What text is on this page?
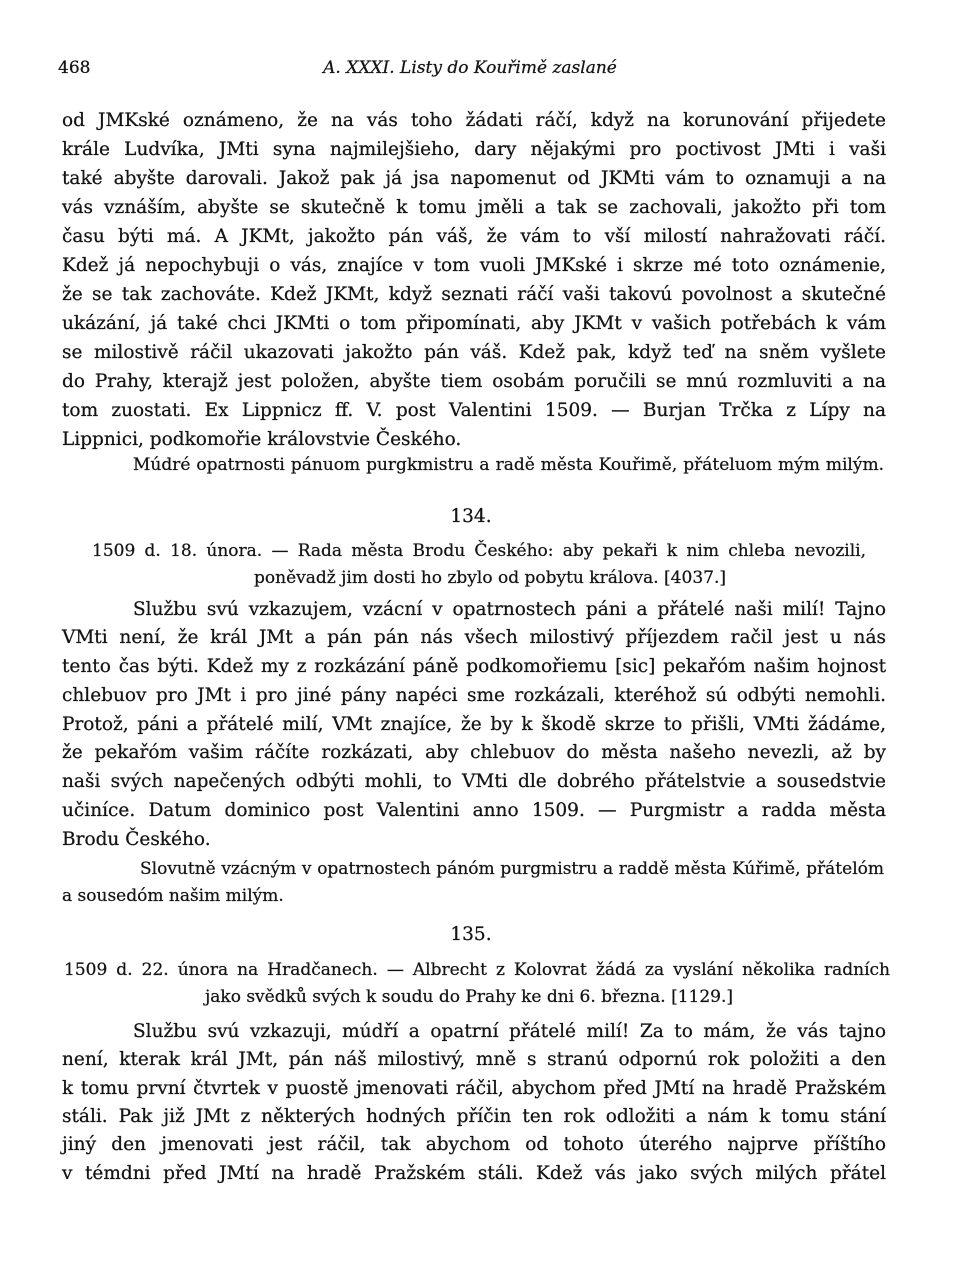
468	A. XXXI. Listy do Kouřimě zaslané
od JMKské oznámeno, že na vás toho žádati ráčí, když na korunování přijedete
krále Ludvíka, JMti syna najmilejšieho, dary nějakými pro poctivost JMti i vaši
také abyšte darovali. Jakož pak já jsa napomenut od JKMti vám to oznamuji a na
vás vznáším, abyšte se skutečně k tomu jměli a tak se zachovali, jakožto při tom
času býti má. A JKMt, jakožto pán váš, že vám to vší milostí nahražovati ráčí.
Kdež já nepochybuji o vás, znajíce v tom vuoli JMKské i skrze mé toto oznámenie,
že se tak zachováte. Kdež JKMt, když seznati ráčí vaši takovú povolnost a skutečné
ukázání, já také chci JKMti o tom připomínati, aby JKMt v vašich potřebách k vám
se milostivě ráčil ukazovati jakožto pán váš. Kdež pak, když teď na sněm vyšlete
do Prahy, kterajž jest položen, abyšte tiem osobám poručili se mnú rozmluviti a na
tom zuostati. Ex Lippnicz ff. V. post Valentini 1509. — Burjan Trčka z Lípy na
Lippnici, podkomořie královstvie Českého.
Múdré opatrnosti pánuom purgkmistru a radě města Kouřimě, přáteluom mým milým.
134.
1509 d. 18. února. — Rada města Brodu Českého: aby pekaři k nim chleba nevozili,
poněvadž jim dosti ho zbylo od pobytu králova. [4037.]
Službu svú vzkazujem, vzácní v opatrnostech páni a přátelé naši milí! Tajno
VMti není, že král JMt a pán pán nás všech milostivý příjezdem račil jest u nás
tento čas býti. Kdež my z rozkázání páně podkomořiemu [sic] pekařóm našim hojnost
chlebuov pro JMt i pro jiné pány napéci sme rozkázali, kteréhož sú odbýti nemohli.
Protož, páni a přátelé milí, VMt znajíce, že by k škodě skrze to přišli, VMti žádáme,
že pekařóm vašim ráčíte rozkázati, aby chlebuov do města našeho nevezli, až by
naši svých napečených odbýti mohli, to VMti dle dobrého přátelstvie a sousedstvie
učiníce. Datum dominico post Valentini anno 1509. — Purgmistr a radda města
Brodu Českého.
Slovutně vzácným v opatrnostech pánóm purgmistru a raddě města Kúřimě, přátelóm
a sousedóm našim milým.
135.
1509 d. 22. února na Hradčanech. — Albrecht z Kolovrat žádá za vyslání několika radních
jako svědků svých k soudu do Prahy ke dni 6. března. [1129.]
Službu svú vzkazuji, múdří a opatrní přátelé milí! Za to mám, že vás tajno
není, kterak král JMt, pán náš milostivý, mně s stranú odpornú rok položiti a den
k tomu první čtvrtek v puostě jmenovati ráčil, abychom před JMtí na hradě Pražském
stáli. Pak již JMt z některých hodných příčin ten rok odložiti a nám k tomu stání
jiný den jmenovati jest ráčil, tak abychom od tohoto úterého najprve příštího
v témdni před JMtí na hradě Pražském stáli. Kdež vás jako svých milých přátel
